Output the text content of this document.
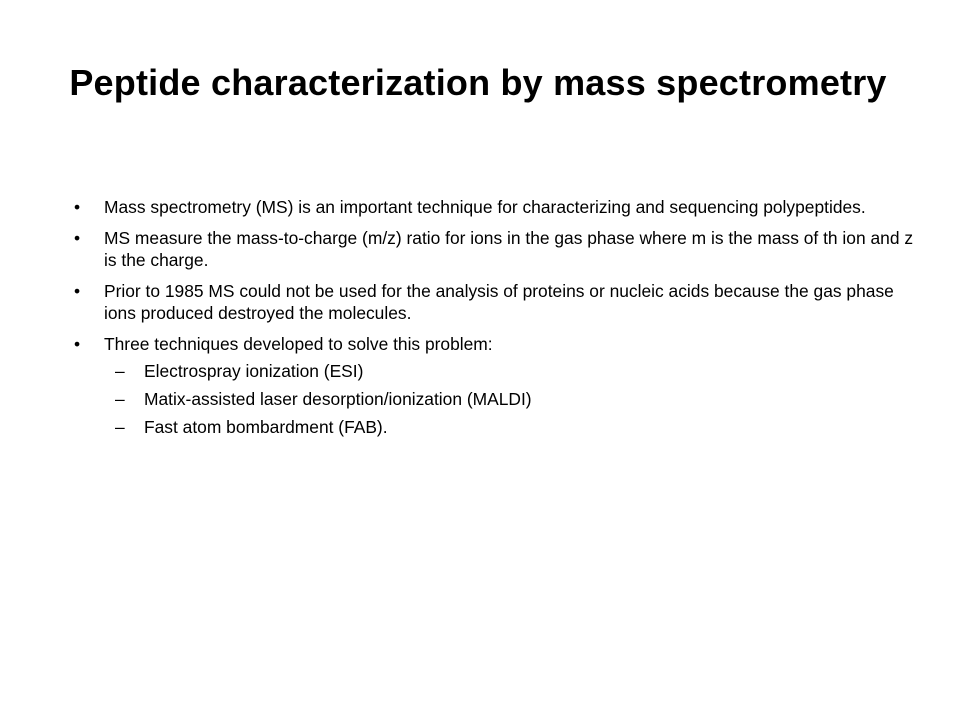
Peptide characterization by mass spectrometry
• Mass spectrometry (MS) is an important technique for characterizing and sequencing polypeptides.
• MS measure the mass-to-charge (m/z) ratio for ions in the gas phase where m is the mass of th ion and z is the charge.
• Prior to 1985 MS could not be used for the analysis of proteins or nucleic acids because the gas phase ions produced destroyed the molecules.
• Three techniques developed to solve this problem:
– Electrospray ionization (ESI)
– Matix-assisted laser desorption/ionization (MALDI)
– Fast atom bombardment (FAB).
